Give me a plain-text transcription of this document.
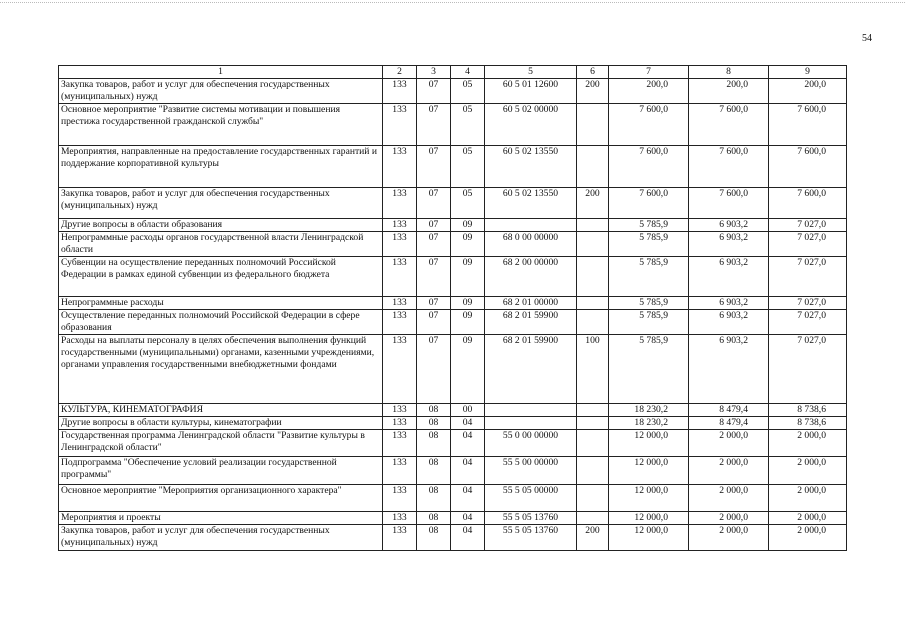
54
1	2	3	4	5	6	7	8	9
Закупка товаров, работ и услуг для обеспечения государственных (муниципальных) нужд	133	07	05	60 5 01 12600	200	200,0	200,0	200,0
Основное мероприятие "Развитие системы мотивации и повышения престижа государственной гражданской службы"	133	07	05	60 5 02 00000		7 600,0	7 600,0	7 600,0
Мероприятия, направленные на предоставление государственных гарантий и поддержание корпоративной культуры	133	07	05	60 5 02 13550		7 600,0	7 600,0	7 600,0
Закупка товаров, работ и услуг для обеспечения государственных (муниципальных) нужд	133	07	05	60 5 02 13550	200	7 600,0	7 600,0	7 600,0
Другие вопросы в области образования	133	07	09			5 785,9	6 903,2	7 027,0
Непрограммные расходы органов государственной власти Ленинградской области	133	07	09	68 0 00 00000		5 785,9	6 903,2	7 027,0
Субвенции на осуществление переданных полномочий Российской Федерации в рамках единой субвенции из федерального бюджета	133	07	09	68 2 00 00000		5 785,9	6 903,2	7 027,0
Непрограммные расходы	133	07	09	68 2 01 00000		5 785,9	6 903,2	7 027,0
Осуществление переданных полномочий Российской Федерации в сфере образования	133	07	09	68 2 01 59900		5 785,9	6 903,2	7 027,0
Расходы на выплаты персоналу в целях обеспечения выполнения функций государственными (муниципальными) органами, казенными учреждениями, органами управления государственными внебюджетными фондами	133	07	09	68 2 01 59900	100	5 785,9	6 903,2	7 027,0
КУЛЬТУРА, КИНЕМАТОГРАФИЯ	133	08	00			18 230,2	8 479,4	8 738,6
Другие вопросы в области культуры, кинематографии	133	08	04			18 230,2	8 479,4	8 738,6
Государственная программа Ленинградской области "Развитие культуры в Ленинградской области"	133	08	04	55 0 00 00000		12 000,0	2 000,0	2 000,0
Подпрограмма "Обеспечение условий реализации государственной программы"	133	08	04	55 5 00 00000		12 000,0	2 000,0	2 000,0
Основное мероприятие "Мероприятия организационного характера"	133	08	04	55 5 05 00000		12 000,0	2 000,0	2 000,0
Мероприятия и проекты	133	08	04	55 5 05 13760		12 000,0	2 000,0	2 000,0
Закупка товаров, работ и услуг для обеспечения государственных (муниципальных) нужд	133	08	04	55 5 05 13760	200	12 000,0	2 000,0	2 000,0
